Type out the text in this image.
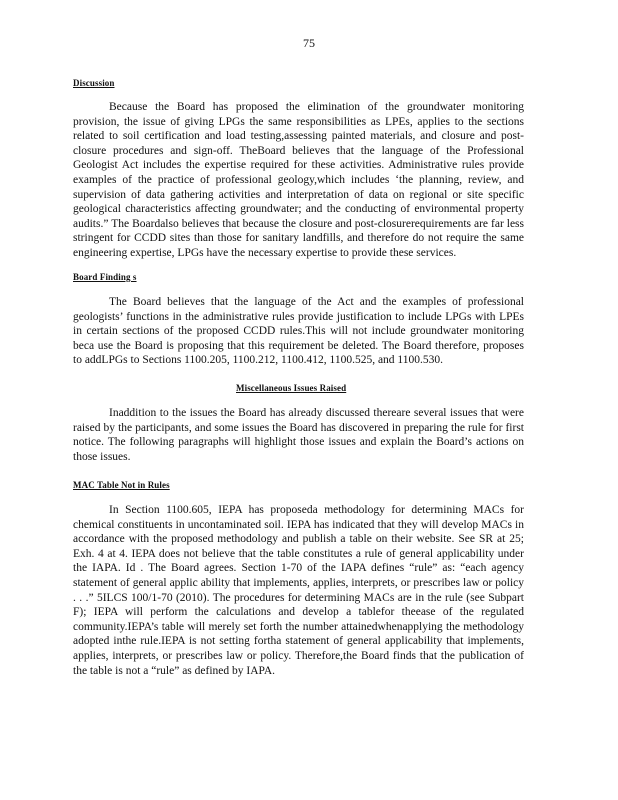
75
Discussion
Because the Board has proposed the elimination of the groundwater monitoring provision, the issue of giving LPGs the same responsibilities as LPEs, applies to the sections related to soil certification and load testing,assessing painted materials, and closure and post-closure procedures and sign-off. TheBoard believes that the language of the Professional Geologist Act includes the expertise required for these activities. Administrative rules provide examples of the practice of professional geology,which includes ‘the planning, review, and supervision of data gathering activities and interpretation of data on regional or site specific geological characteristics affecting groundwater; and the conducting of environmental property audits.” The Boardalso believes that because the closure and post-closurerequirements are far less stringent for CCDD sites than those for sanitary landfills, and therefore do not require the same engineering expertise, LPGs have the necessary expertise to provide these services.
Board Finding s
The Board believes that the language of the Act and the examples of professional geologists’ functions in the administrative rules provide justification to include LPGs with LPEs in certain sections of the proposed CCDD rules.This will not include groundwater monitoring beca use the Board is proposing that this requirement be deleted. The Board therefore, proposes to addLPGs to Sections 1100.205, 1100.212, 1100.412, 1100.525, and 1100.530.
Miscellaneous Issues Raised
Inaddition to the issues the Board has already discussed thereare several issues that were raised by the participants, and some issues the Board has discovered in preparing the rule for first notice. The following paragraphs will highlight those issues and explain the Board’s actions on those issues.
MAC Table Not in Rules
In Section 1100.605, IEPA has proposeda methodology for determining MACs for chemical constituents in uncontaminated soil. IEPA has indicated that they will develop MACs in accordance with the proposed methodology and publish a table on their website. See SR at 25; Exh. 4 at 4. IEPA does not believe that the table constitutes a rule of general applicability under the IAPA. Id . The Board agrees. Section 1-70 of the IAPA defines “rule” as: “each agency statement of general applic ability that implements, applies, interprets, or prescribes law or policy . . .” 5ILCS 100/1-70 (2010). The procedures for determining MACs are in the rule (see Subpart F); IEPA will perform the calculations and develop a tablefor theease of the regulated community.IEPA’s table will merely set forth the number attainedwhenapplying the methodology adopted inthe rule.IEPA is not setting fortha statement of general applicability that implements, applies, interprets, or prescribes law or policy. Therefore,the Board finds that the publication of the table is not a “rule” as defined by IAPA.
